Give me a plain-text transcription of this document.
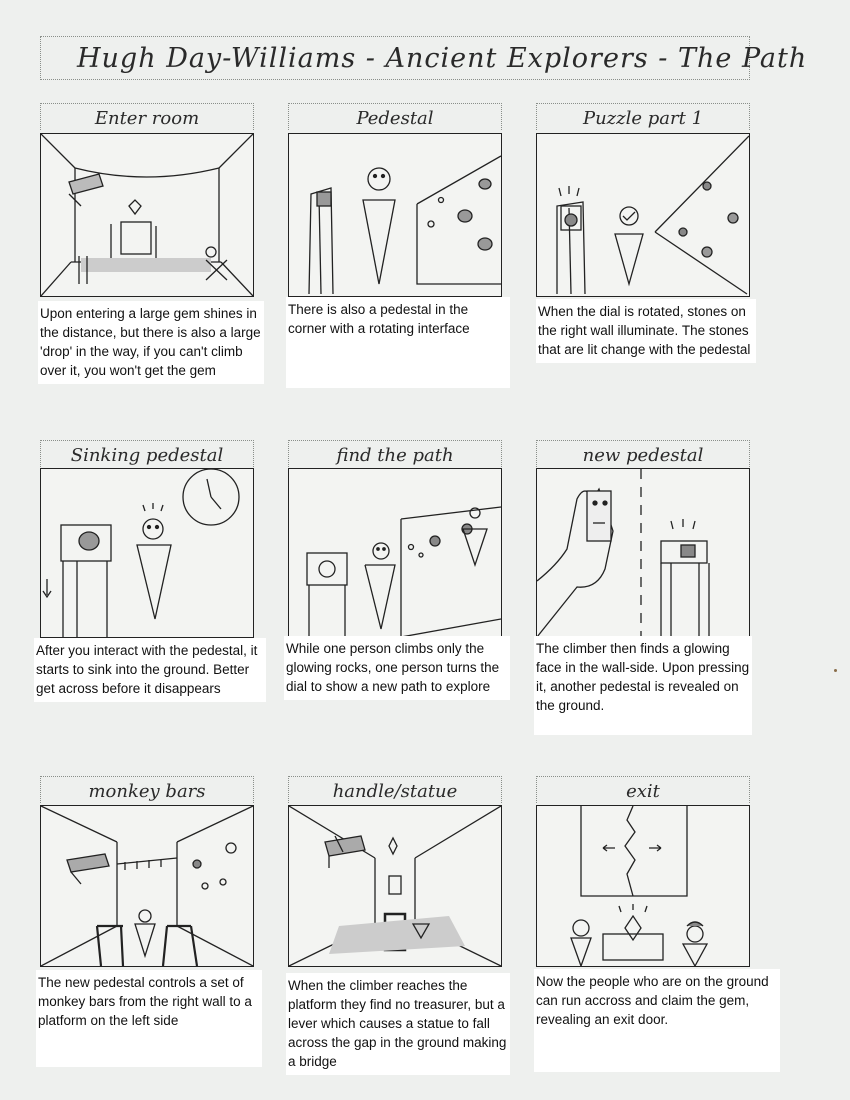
Hugh Day-Williams - Ancient Explorers - The Path
Enter room
Upon entering a large gem shines in the distance, but there is also a large 'drop' in the way, if you can't climb over it, you won't get the gem
Pedestal
There is also a pedestal in the corner with a rotating interface
Puzzle part 1
When the dial is rotated, stones on the right wall illuminate. The stones that are lit change with the pedestal
Sinking pedestal
After you interact with the pedestal, it starts to sink into the ground. Better get across before it disappears
find the path
While one person climbs only the glowing rocks, one person turns the dial to show a new path to explore
new pedestal
The climber then finds a glowing face in the wall-side. Upon pressing it, another pedestal is revealed on the ground.
monkey bars
The new pedestal controls a set of monkey bars from the right wall to a platform on the left side
handle/statue
When the climber reaches the platform they find no treasurer, but a lever which causes a statue to fall across the gap in the ground making a bridge
exit
Now the people who are on the ground can run accross and claim the gem, revealing an exit door.
